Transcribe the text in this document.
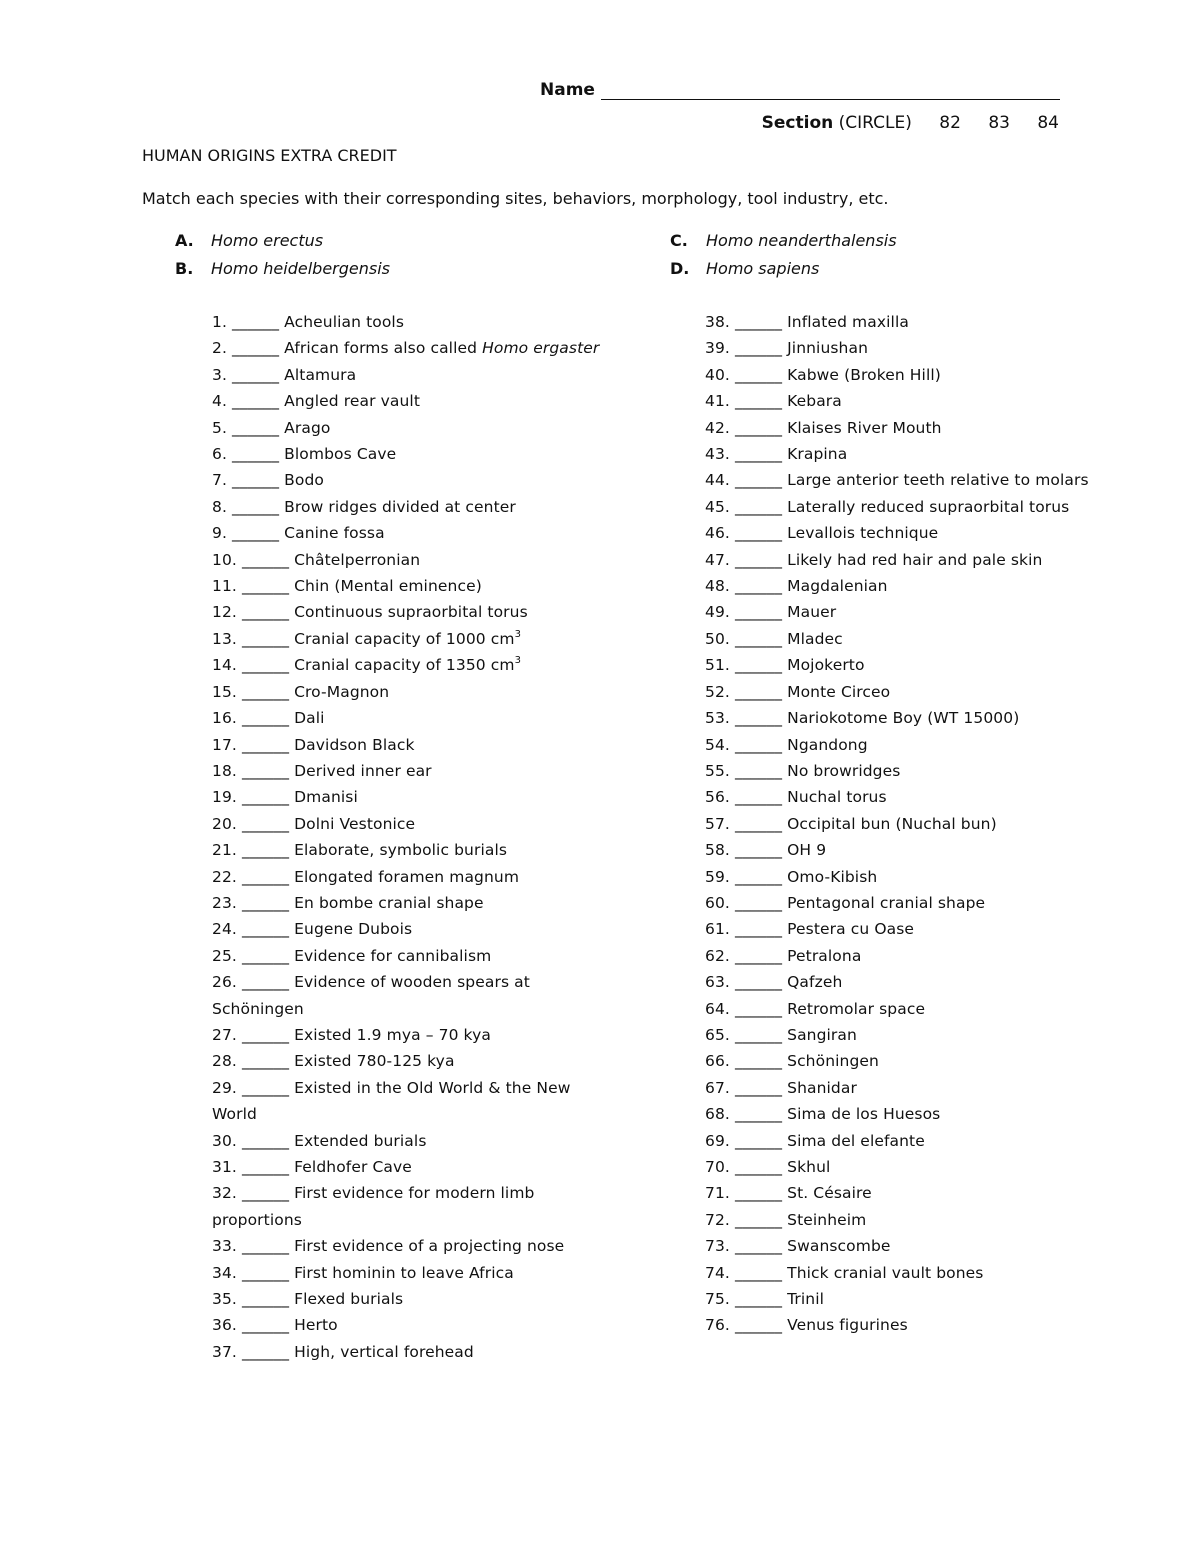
Name
Section (CIRCLE) 82 83 84
HUMAN ORIGINS EXTRA CREDIT
Match each species with their corresponding sites, behaviors, morphology, tool industry, etc.
A. Homo erectus
B. Homo heidelbergensis
C. Homo neanderthalensis
D. Homo sapiens

1. ______ Acheulian tools

2. ______ African forms also called Homo ergaster

3. ______ Altamura

4. ______ Angled rear vault

5. ______ Arago

6. ______ Blombos Cave

7. ______ Bodo

8. ______ Brow ridges divided at center

9. ______ Canine fossa

10. ______ Châtelperronian

11. ______ Chin (Mental eminence)

12. ______ Continuous supraorbital torus

13. ______ Cranial capacity of 1000 $cm^3$

14. ______ Cranial capacity of 1350 $cm^3$

15. ______ Cro-Magnon

16. ______ Dali

17. ______ Davidson Black

18. ______ Derived inner ear

19. ______ Dmanisi

20. ______ Dolni Vestonice

21. ______ Elaborate, symbolic burials

22. ______ Elongated foramen magnum

23. ______ En bombe cranial shape

24. ______ Eugene Dubois

25. ______ Evidence for cannibalism

26. ______ Evidence of wooden spears at Schöningen

27. ______ Existed 1.9 mya – 70 kya

28. ______ Existed 780-125 kya

29. ______ Existed in the Old World & the New World

30. ______ Extended burials

31. ______ Feldhofer Cave

32. ______ First evidence for modern limb proportions

33. ______ First evidence of a projecting nose

34. ______ First hominin to leave Africa

35. ______ Flexed burials

36. ______ Herto

37. ______ High, vertical forehead

38. ______ Inflated maxilla

39. ______ Jinniushan

40. ______ Kabwe (Broken Hill)

41. ______ Kebara

42. ______ Klaises River Mouth

43. ______ Krapina

44. ______ Large anterior teeth relative to molars

45. ______ Laterally reduced supraorbital torus

46. ______ Levallois technique

47. ______ Likely had red hair and pale skin

48. ______ Magdalenian

49. ______ Mauer

50. ______ Mladec

51. ______ Mojokerto

52. ______ Monte Circeo

53. ______ Nariokotome Boy (WT 15000)

54. ______ Ngandong

55. ______ No browridges

56. ______ Nuchal torus

57. ______ Occipital bun (Nuchal bun)

58. ______ OH 9

59. ______ Omo-Kibish

60. ______ Pentagonal cranial shape

61. ______ Pestera cu Oase

62. ______ Petralona

63. ______ Qafzeh

64. ______ Retromolar space

65. ______ Sangiran

66. ______ Schöningen

67. ______ Shanidar

68. ______ Sima de los Huesos

69. ______ Sima del elefante

70. ______ Skhul

71. ______ St. Césaire

72. ______ Steinheim

73. ______ Swanscombe

74. ______ Thick cranial vault bones

75. ______ Trinil

76. ______ Venus figurines
